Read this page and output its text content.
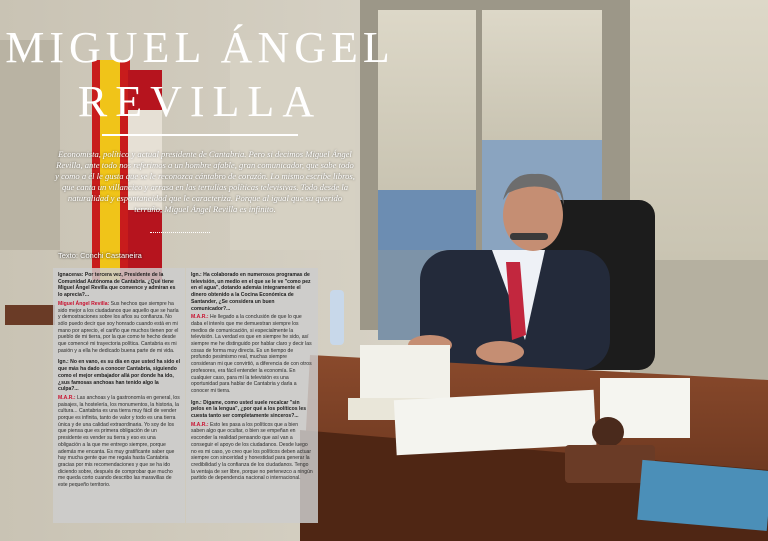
MIGUEL ÁNGEL
REVILLA
Economista, político y actual presidente de Cantabria. Pero si decimos Miguel Ángel Revilla, ante todo nos referimos a un hombre afable, gran comunicador, que sabe todo y como a él le gusta que se le reconozca cántabro de corazón. Lo mismo escribe libros, que canta un villancico y arrasa en las tertulias políticas televisivas. Todo desde la naturalidad y espontaneidad que le caracteriza. Porque al igual que su querido terruño, Miguel Ángel Revilla es infinito.
Texto: Conchi Castaneira

Ignaceras: Por tercera vez, Presidente de la Comunidad Autónoma de Cantabria. ¿Qué tiene Miguel Ángel Revilla que convence y admiran es lo aprecia?...

Miguel Ángel Revilla: Sus hechos que siempre ha sido mejor a los ciudadanos que aquello que se haría y demostraciones sobre los años su confianza. No sólo puedo decir que soy honrado cuando está en mi mano por aprecio, el cariño que muchos tienen por el pueblo de mi tierra, por la que como te hecho desde que comencé mi trayectoria política. Cantabria es mi pasión y a ella he dedicado buena parte de mi vida.

Ign.: No en vano, es su día en que usted ha sido el que más ha dado a conocer Cantabria, siguiendo como el mejor embajador allá por donde ha ido, ¿sus famosas anchoas han tenido algo la culpa?...

M.A.R.: Las anchoas y la gastronomía en general, los paisajes, la hostelería, los monumentos, la historia, la cultura... Cantabria es una tierra muy fácil de vender porque es infinita, tanto de valor y todo es una tierra única y de una calidad extraordinaria. Yo soy de los que piensa que es primera obligación de un presidente es vender su tierra y eso es una obligación a la que me entrego siempre, porque además me encanta. Es muy gratificante saber que hay mucha gente que me regala hasta Cantabria gracias por mis recomendaciones y que se ha ido diciendo sobre, después de comprobar que mucho me queda corto cuando describo las maravillas de este pequeño territorio.

Ign.: Ha colaborado en numerosos programas de televisión, un medio en el que se le ve "como pez en el agua", dotando además integramente el dinero obtenido a la Cocina Económica de Santander, ¿Se considera un buen comunicador?...

M.A.R.: He llegado a la conclusión de que lo que daba el interés que me demuestran siempre los medios de comunicación, si especialmente la televisión. La verdad es que en siempre he sido, así siempre me he distinguido por hablar claro y decir las cosas de forma muy directa. Es un tiempo de profundo pesimismo real, muchas siempre consideran mi que convirtió, a diferencia de con otros profesores, era fácil entender la economía. En cualquier caso, para mí la televisión es una oportunidad para hablar de Cantabria y darla a conocer mi tierra.

Ign.: Digame, como usted suele recalcar "sin pelos en la lengua", ¿por qué a los políticos les cuesta tanto ser completamente sinceros?...

M.A.R.: Esto les pasa a los políticos que a bien saben algo que ocultar, o bien se empeñan en esconder la realidad pensando que así van a conseguir el apoyo de los ciudadanos. Desde luego no es mi caso, yo creo que los políticos deben actuar siempre con sinceridad y honestidad para generar la credibilidad y la confianza de los ciudadanos. Tengo la ventaja de ser libre, porque no pertenezco a ningún partido de dependencia nacional o internacional.
